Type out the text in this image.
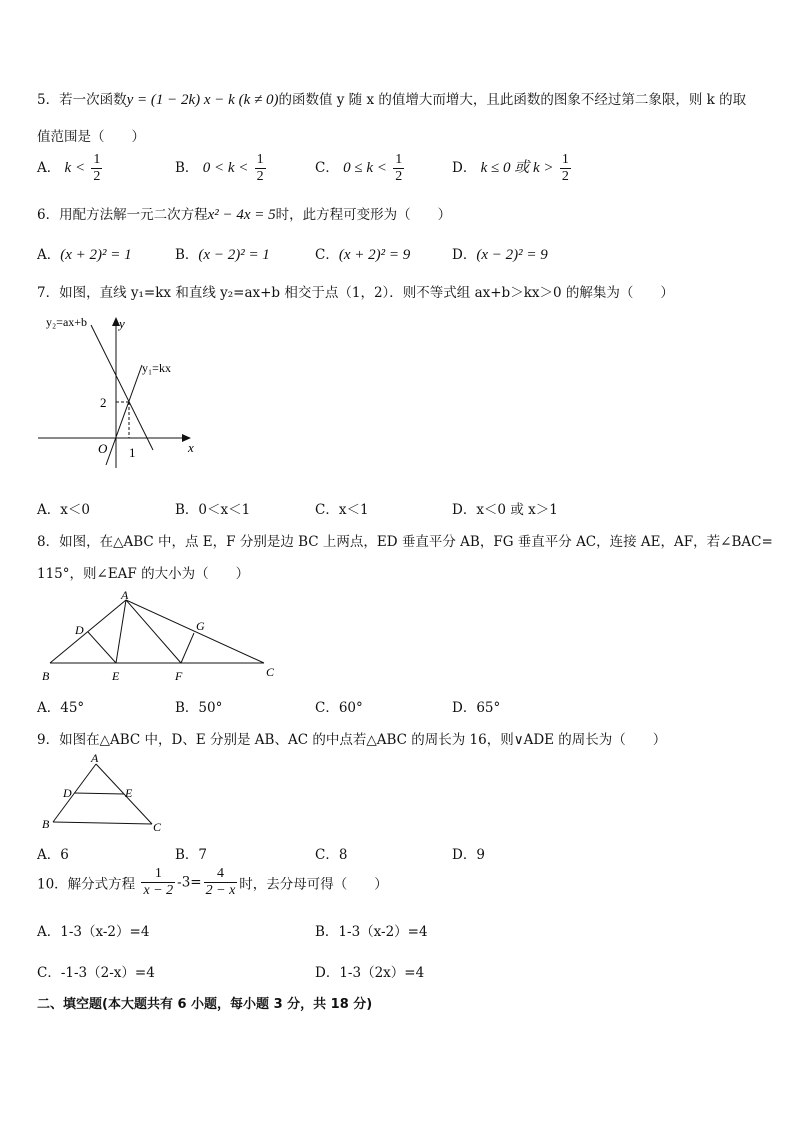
5．若一次函数y = (1 − 2k) x − k (k ≠ 0)的函数值 y 随 x 的值增大而增大，且此函数的图象不经过第二象限，则 k 的取
值范围是（　　）
A． $k < \frac{1}{2}$	B． $0 < k < \frac{1}{2}$	C． $0 \le k < \frac{1}{2}$	D． k ≤ 0 或 $k > \frac{1}{2}$
6．用配方法解一元二次方程x² − 4x = 5时，此方程可变形为（　　）
A．(x + 2)² = 1	B．(x − 2)² = 1	C．(x + 2)² = 9	D．(x − 2)² = 9
7．如图，直线 y₁=kx 和直线 y₂=ax+b 相交于点（1，2）．则不等式组 ax+b＞kx＞0 的解集为（　　）
y₂=ax+b
y₁=kx
y
x
O
2
1
A．x＜0	B．0＜x＜1	C．x＜1	D．x＜0 或 x＞1
8．如图，在△ABC 中，点 E，F 分别是边 BC 上两点，ED 垂直平分 AB，FG 垂直平分 AC，连接 AE，AF，若∠BAC=
115°，则∠EAF 的大小为（　　）
A
B	C
D
E	F
G
A．45°	B．50°	C．60°	D．65°
9．如图在△ABC 中，D、E 分别是 AB、AC 的中点若△ABC 的周长为 16，则∨ADE 的周长为（　　）
A
B	C
D	E
A．6	B．7	C．8	D．9
10．解分式方程 $\frac{1}{x - 2} -3= \frac{4}{2 - x}$ 时，去分母可得（　　）
A．1-3（x-2）=4	B．1-3（x-2）=4
C．-1-3（2-x）=4	D．1-3（2x）=4
二、填空题(本大题共有 6 小题，每小题 3 分，共 18 分)
